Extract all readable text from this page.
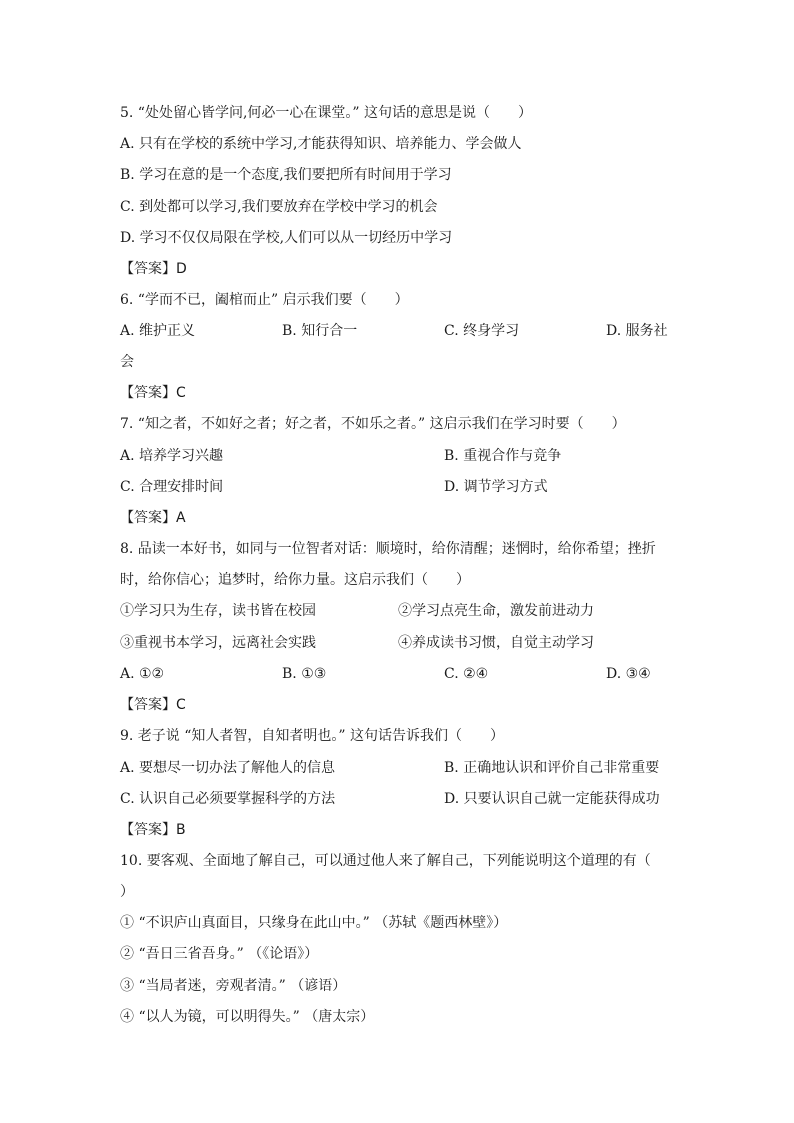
5. “处处留心皆学问,何必一心在课堂。” 这句话的意思是说（　　）
A. 只有在学校的系统中学习,才能获得知识、培养能力、学会做人
B. 学习在意的是一个态度,我们要把所有时间用于学习
C. 到处都可以学习,我们要放弃在学校中学习的机会
D. 学习不仅仅局限在学校,人们可以从一切经历中学习
【答案】D
6. “学而不已，阖棺而止” 启示我们要（　　）
A. 维护正义	B. 知行合一	C. 终身学习	D. 服务社
会
【答案】C
7. “知之者，不如好之者；好之者，不如乐之者。” 这启示我们在学习时要（　　）
A. 培养学习兴趣	B. 重视合作与竞争
C. 合理安排时间	D. 调节学习方式
【答案】A
8. 品读一本好书，如同与一位智者对话：顺境时，给你清醒；迷惘时，给你希望；挫折
时，给你信心；追梦时，给你力量。这启示我们（　　）
①学习只为生存，读书皆在校园	②学习点亮生命，激发前进动力
③重视书本学习，远离社会实践	④养成读书习惯，自觉主动学习
A. ①②	B. ①③	C. ②④	D. ③④
【答案】C
9. 老子说 “知人者智，自知者明也。” 这句话告诉我们（　　）
A. 要想尽一切办法了解他人的信息	B. 正确地认识和评价自己非常重要
C. 认识自己必须要掌握科学的方法	D. 只要认识自己就一定能获得成功
【答案】B
10. 要客观、全面地了解自己，可以通过他人来了解自己，下列能说明这个道理的有（
）
① “不识庐山真面目，只缘身在此山中。” （苏轼《题西林壁》）
② “吾日三省吾身。” （《论语》）
③ “当局者迷，旁观者清。” （谚语）
④ “以人为镜，可以明得失。” （唐太宗）
